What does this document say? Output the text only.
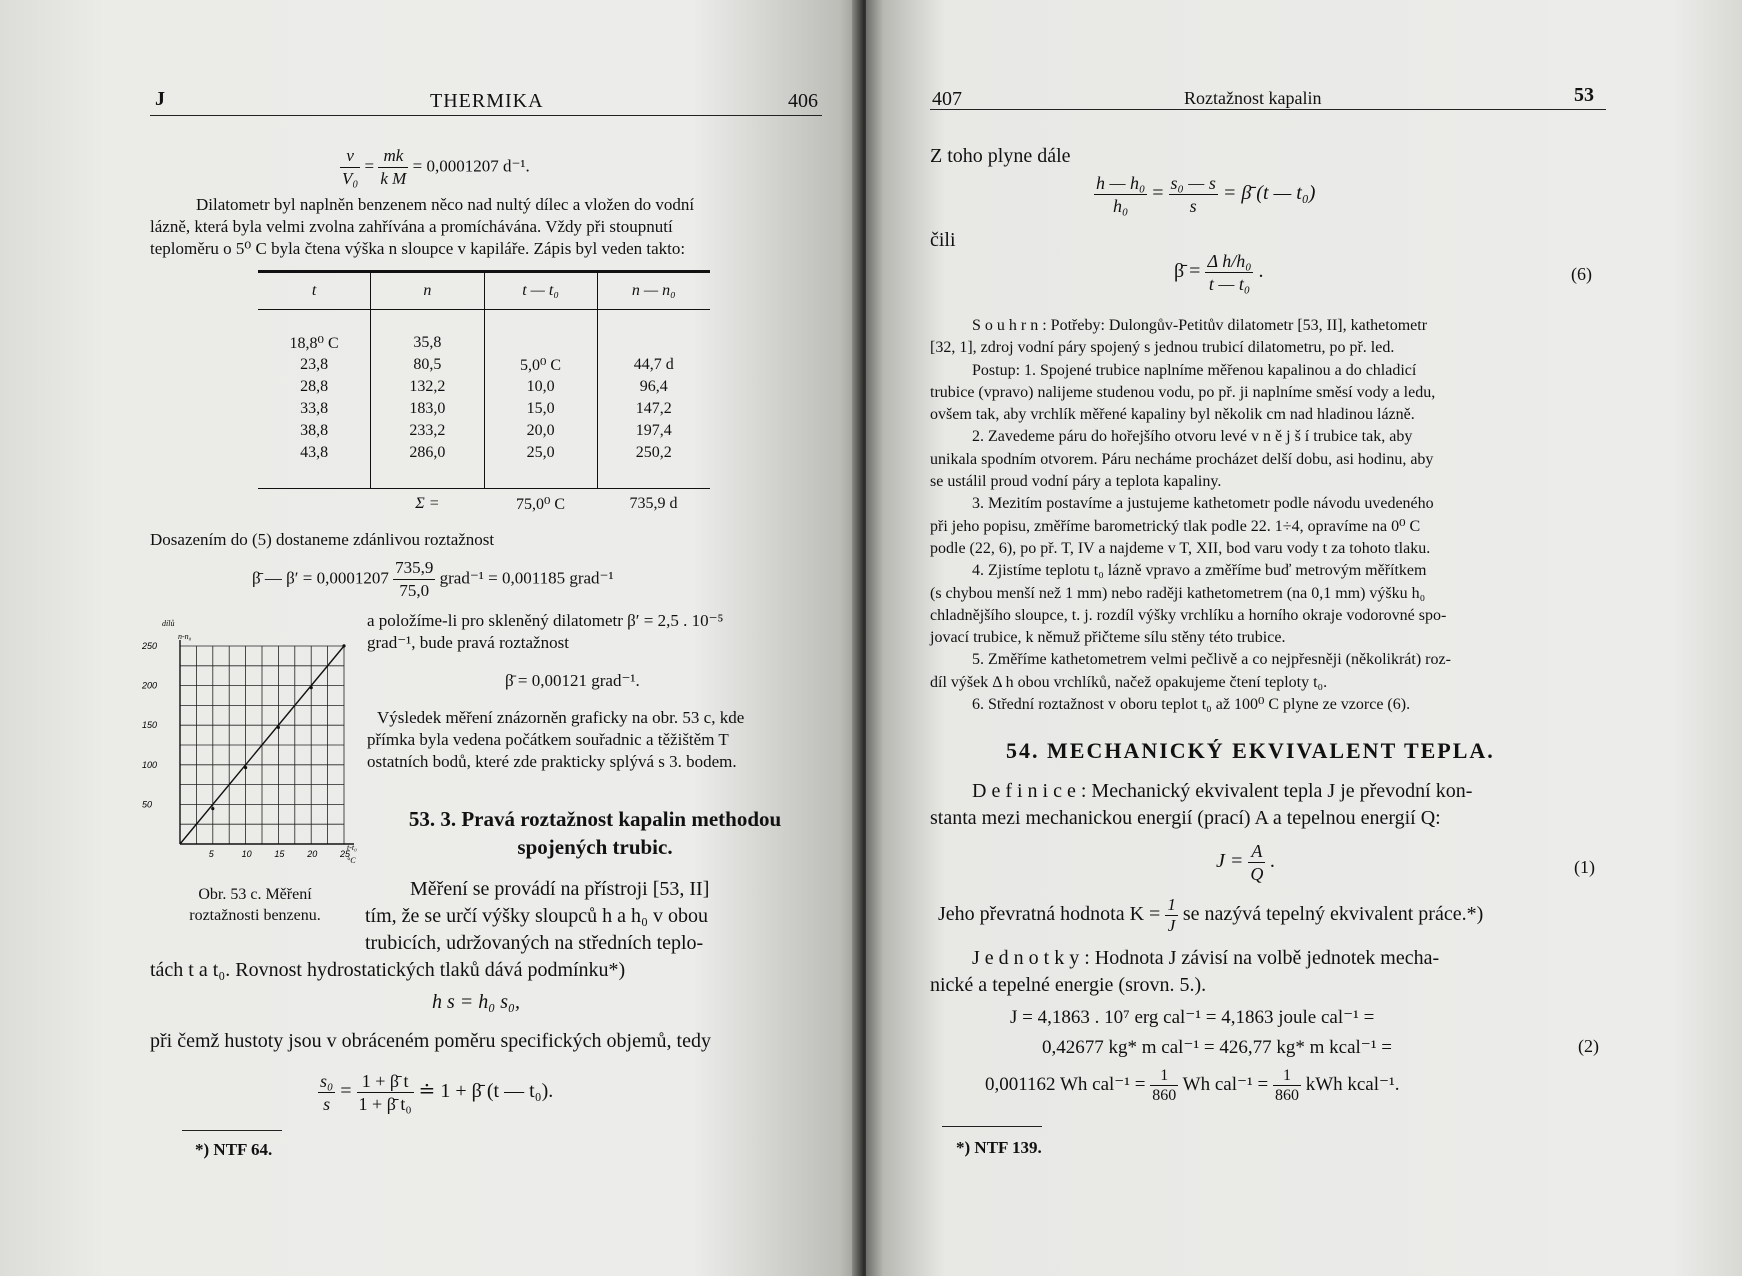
J	THERMIKA	406
$\frac{v}{\text{V₀}} = \frac{mk}{\text{k M}} = 0,0001207$ d⁻¹.
Dilatometr byl naplněn benzenem něco nad nultý dílec a vložen do vodní
lázně, která byla velmi zvolna zahřívána a promíchávána. Vždy při stoupnutí
teploměru o 5⁰ C byla čtena výška n sloupce v kapiláře. Zápis byl veden takto:
t	n	t — t₀	n — n₀

18,8⁰ C	35,8		
23,8	80,5	5,0⁰ C	44,7 d
28,8	132,2	10,0	96,4
33,8	183,0	15,0	147,2
38,8	233,2	20,0	197,4
43,8	286,0	25,0	250,2

	Σ =	75,0⁰ C	735,9 d
Dosazením do (5) dostaneme zdánlivou roztažnost
β̄ — $\beta' = 0,0001207 \frac{735,9}{75,0}$ grad⁻¹ = 0,001185 grad⁻¹
5	10	15	20	25
50
100
150
200
250
dílů
n-n₀
t-t₀
°C
a položíme-li pro skleněný dilatometr β′ = 2,5 . 10⁻⁵
grad⁻¹, bude pravá roztažnost
β̄ = 0,00121 grad⁻¹.
Výsledek měření znázorněn graficky na obr. 53 c, kde
přímka byla vedena počátkem souřadnic a těžištěm T
ostatních bodů, které zde prakticky splývá s 3. bodem.
53. 3. Pravá roztažnost kapalin methodou
spojených trubic.
Obr. 53 c. Měření
roztažnosti benzenu.
Měření se provádí na přístroji [53, II]
tím, že se určí výšky sloupců h a h₀ v obou
trubicích, udržovaných na středních teplo-
tách t a t₀. Rovnost hydrostatických tlaků dává podmínku*)
h s = h₀ s₀,
při čemž hustoty jsou v obráceném poměru specifických objemů, tedy
$\frac{\text{s₀}}{s} = \frac{1 + \betā t}{\text{1 + β̄ t₀}}$ ≐ 1 + β̄ (t — t₀).
*) NTF 64.
407	Roztažnost kapalin	53
Z toho plyne dále
$\frac{\text{h — h₀}}{\text{h₀}} = \frac{\text{s₀ — s}}{s}$ = β̄ (t — t₀)
čili
β̄ = $\frac{\text{Δ h/h₀}}{\text{t — t₀}}$ .	(6)
S o u h r n : Potřeby: Dulongův-Petitův dilatometr [53, II], kathetometr
[32, 1], zdroj vodní páry spojený s jednou trubicí dilatometru, po př. led.
Postup: 1. Spojené trubice naplníme měřenou kapalinou a do chladicí
trubice (vpravo) nalijeme studenou vodu, po př. ji naplníme směsí vody a ledu,
ovšem tak, aby vrchlík měřené kapaliny byl několik cm nad hladinou lázně.
2. Zavedeme páru do hořejšího otvoru levé v n ě j š í trubice tak, aby
unikala spodním otvorem. Páru necháme procházet delší dobu, asi hodinu, aby
se ustálil proud vodní páry a teplota kapaliny.
3. Mezitím postavíme a justujeme kathetometr podle návodu uvedeného
při jeho popisu, změříme barometrický tlak podle 22. 1÷4, opravíme na 0⁰ C
podle (22, 6), po př. T, IV a najdeme v T, XII, bod varu vody t za tohoto tlaku.
4. Zjistíme teplotu t₀ lázně vpravo a změříme buď metrovým měřítkem
(s chybou menší než 1 mm) nebo raději kathetometrem (na 0,1 mm) výšku h₀
chladnějšího sloupce, t. j. rozdíl výšky vrchlíku a horního okraje vodorovné spo-
jovací trubice, k němuž přičteme sílu stěny této trubice.
5. Změříme kathetometrem velmi pečlivě a co nejpřesněji (několikrát) roz-
díl výšek Δ h obou vrchlíků, načež opakujeme čtení teploty t₀.
6. Střední roztažnost v oboru teplot t₀ až 100⁰ C plyne ze vzorce (6).
54. MECHANICKÝ EKVIVALENT TEPLA.
D e f i n i c e : Mechanický ekvivalent tepla J je převodní kon-
stanta mezi mechanickou energií (prací) A a tepelnou energií Q:
$J = \frac{A}{Q}$ .	(1)
Jeho převratná hodnota $K = \frac{1}{J}$ se nazývá tepelný ekvivalent práce.*)
J e d n o t k y : Hodnota J závisí na volbě jednotek mecha-
nické a tepelné energie (srovn. 5.).
J = 4,1863 . 10⁷ erg cal⁻¹ = 4,1863 joule cal⁻¹ =
0,42677 kg* m cal⁻¹ = 426,77 kg* m kcal⁻¹ =	(2)
0,001162 Wh $cal^{-1} = \frac{1}{860}$ Wh $cal^{-1} = \frac{1}{860}$ kWh kcal⁻¹.
*) NTF 139.
